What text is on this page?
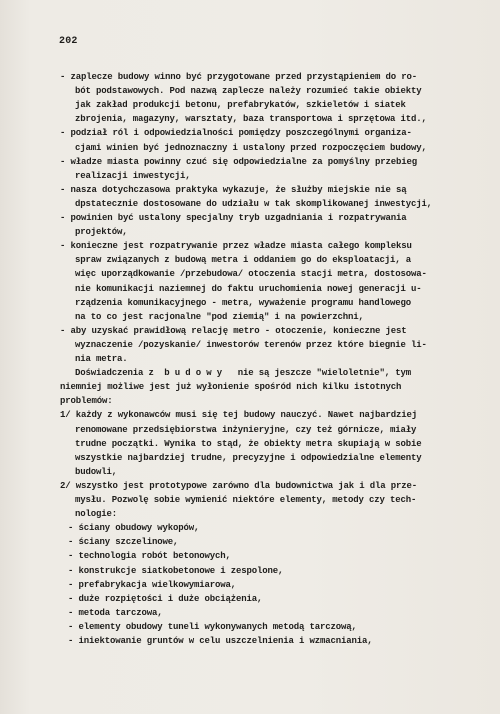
202
- zaplecze budowy winno być przygotowane przed przystąpieniem do ro-
bót podstawowych. Pod nazwą zaplecze należy rozumieć takie obiekty
jak zakład produkcji betonu, prefabrykatów, szkieletów i siatek
zbrojenia, magazyny, warsztaty, baza transportowa i sprzętowa itd.,
- podział ról i odpowiedzialności pomiędzy poszczególnymi organiza-
cjami winien być jednoznaczny i ustalony przed rozpoczęciem budowy,
- władze miasta powinny czuć się odpowiedzialne za pomyślny przebieg
realizacji inwestycji,
- nasza dotychczasowa praktyka wykazuje, że służby miejskie nie są
dpstatecznie dostosowane do udziału w tak skomplikowanej inwestycji,
- powinien być ustalony specjalny tryb uzgadniania i rozpatrywania
projektów,
- konieczne jest rozpatrywanie przez władze miasta całego kompleksu
spraw związanych z budową metra i oddaniem go do eksploatacji, a
więc uporządkowanie /przebudowa/ otoczenia stacji metra, dostosowa-
nie komunikacji naziemnej do faktu uruchomienia nowej generacji u-
rządzenia komunikacyjnego - metra, wyważenie programu handlowego
na to co jest racjonalne "pod ziemią" i na powierzchni,
- aby uzyskać prawidłową relację metro - otoczenie, konieczne jest
wyznaczenie /pozyskanie/ inwestorów terenów przez które biegnie li-
nia metra.
Doświadczenia z  b u d o w y   nie są jeszcze "wieloletnie", tym
niemniej możliwe jest już wyłonienie spośród nich kilku istotnych
problemów:
1/ każdy z wykonawców musi się tej budowy nauczyć. Nawet najbardziej
renomowane przedsiębiorstwa inżynieryjne, czy też górnicze, miały
trudne początki. Wynika to stąd, że obiekty metra skupiają w sobie
wszystkie najbardziej trudne, precyzyjne i odpowiedzialne elementy
budowli,
2/ wszystko jest prototypowe zarówno dla budownictwa jak i dla prze-
mysłu. Pozwolę sobie wymienić niektóre elementy, metody czy tech-
nologie:
- ściany obudowy wykopów,
- ściany szczelinowe,
- technologia robót betonowych,
- konstrukcje siatkobetonowe i zespolone,
- prefabrykacja wielkowymiarowa,
- duże rozpiętości i duże obciążenia,
- metoda tarczowa,
- elementy obudowy tuneli wykonywanych metodą tarczową,
- iniektowanie gruntów w celu uszczelnienia i wzmacniania,
